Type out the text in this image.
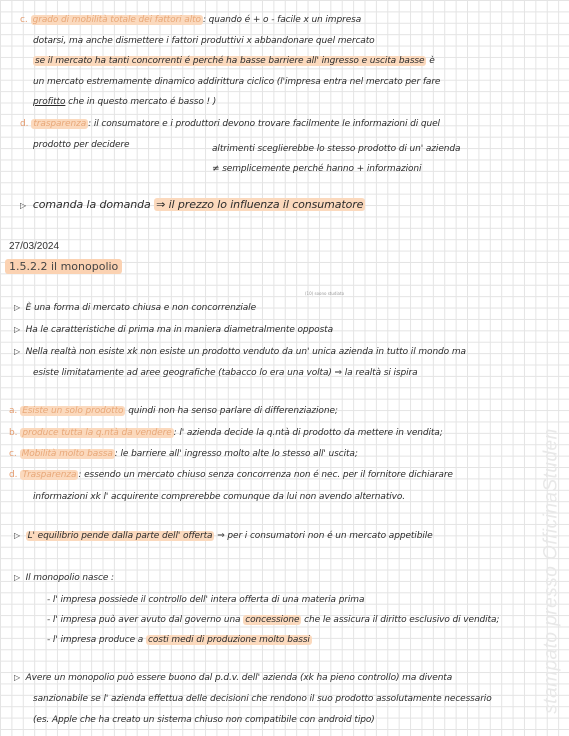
c. grado di mobilità totale dei fattori alto : quando é + o - facile x un impresa
dotarsi, ma anche dismettere i fattori produttivi x abbandonare quel mercato
se il mercato ha tanti concorrenti é perché ha basse barriere all' ingresso e uscita basse è
un mercato estremamente dinamico addirittura ciclico (l'impresa entra nel mercato per fare
profitto che in questo mercato é basso ! )
d. trasparenza : il consumatore e i produttori devono trovare facilmente le informazioni di quel
prodotto per decidere	altrimenti sceglierebbe lo stesso prodotto di un' azienda
≠ semplicemente perché hanno + informazioni
▷ comanda la domanda ⇒ il prezzo lo influenza il consumatore
27/03/2024
1.5.2.2 il monopolio
(10) soono studiato
▷ È una forma di mercato chiusa e non concorrenziale
▷ Ha le caratteristiche di prima ma in maniera diametralmente opposta
▷ Nella realtà non esiste xk non esiste un prodotto venduto da un' unica azienda in tutto il mondo ma
esiste limitatamente ad aree geografiche (tabacco lo era una volta) ⇒ la realtà si ispira
a. Esiste un solo prodotto quindi non ha senso parlare di differenziazione;
b. produce tutta la q.ntà da vendere : l' azienda decide la q.ntà di prodotto da mettere in vendita;
c. Mobilità molto bassa : le barriere all' ingresso molto alte lo stesso all' uscita;
d. Trasparenza : essendo un mercato chiuso senza concorrenza non é nec. per il fornitore dichiarare
informazioni xk l' acquirente comprerebbe comunque da lui non avendo alternativo.
▷ L' equilibrio pende dalla parte dell' offerta ⇒ per i consumatori non é un mercato appetibile
▷ Il monopolio nasce :
- l' impresa possiede il controllo dell' intera offerta di una materia prima
- l' impresa può aver avuto dal governo una concessione che le assicura il diritto esclusivo di vendita;
- l' impresa produce a costi medi di produzione molto bassi
▷ Avere un monopolio può essere buono dal p.d.v. dell' azienda (xk ha pieno controllo) ma diventa
sanzionabile se l' azienda effettua delle decisioni che rendono il suo prodotto assolutamente necessario
(es. Apple che ha creato un sistema chiuso non compatibile con android tipo)
stampato presso OfficinaStuden
